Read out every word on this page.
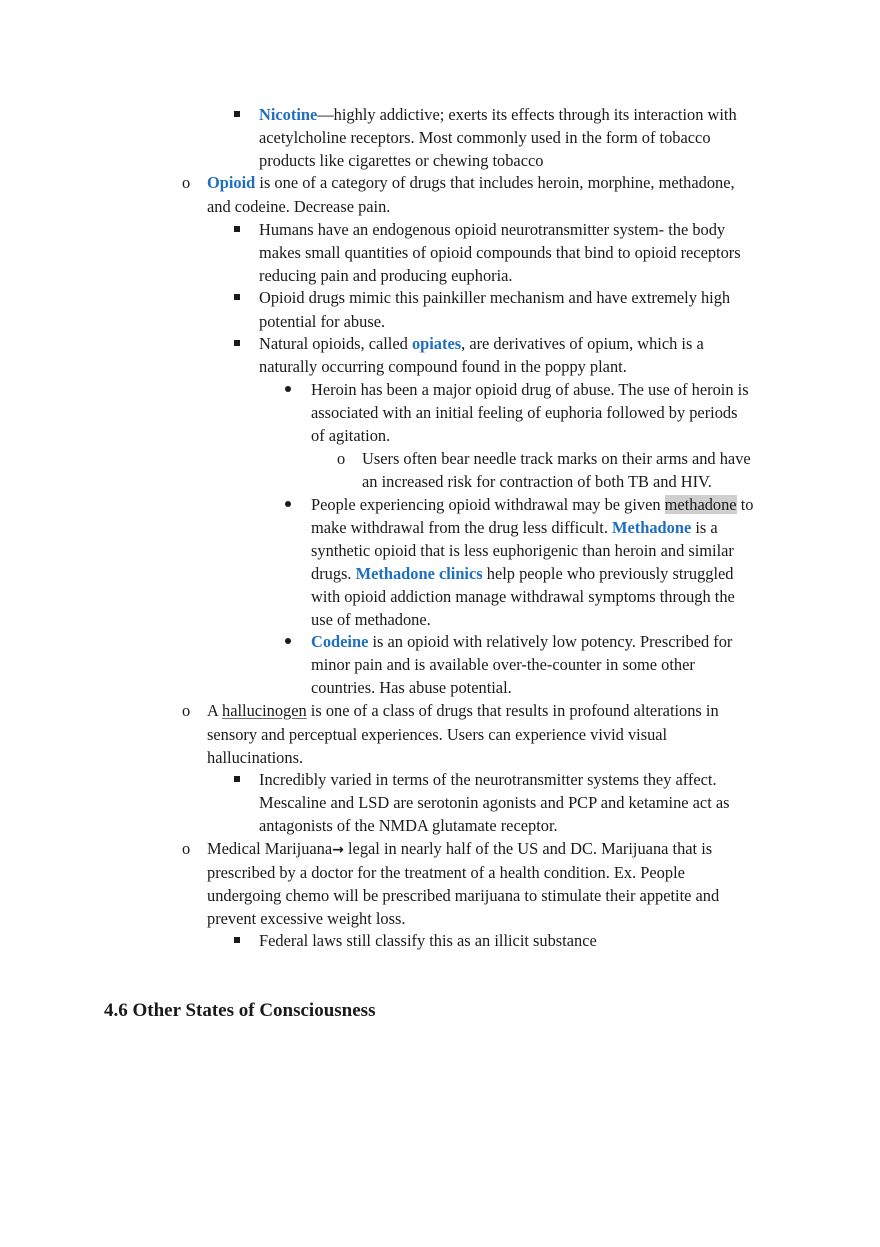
Nicotine—highly addictive; exerts its effects through its interaction with
acetylcholine receptors. Most commonly used in the form of tobacco
products like cigarettes or chewing tobacco
o Opioid is one of a category of drugs that includes heroin, morphine, methadone,
and codeine. Decrease pain.
Humans have an endogenous opioid neurotransmitter system- the body
makes small quantities of opioid compounds that bind to opioid receptors
reducing pain and producing euphoria.
Opioid drugs mimic this painkiller mechanism and have extremely high
potential for abuse.
Natural opioids, called opiates, are derivatives of opium, which is a
naturally occurring compound found in the poppy plant.
Heroin has been a major opioid drug of abuse. The use of heroin is
associated with an initial feeling of euphoria followed by periods
of agitation.
o Users often bear needle track marks on their arms and have
an increased risk for contraction of both TB and HIV.
People experiencing opioid withdrawal may be given methadone to
make withdrawal from the drug less difficult. Methadone is a
synthetic opioid that is less euphorigenic than heroin and similar
drugs. Methadone clinics help people who previously struggled
with opioid addiction manage withdrawal symptoms through the
use of methadone.
Codeine is an opioid with relatively low potency. Prescribed for
minor pain and is available over-the-counter in some other
countries. Has abuse potential.
o A hallucinogen is one of a class of drugs that results in profound alterations in
sensory and perceptual experiences. Users can experience vivid visual
hallucinations.
Incredibly varied in terms of the neurotransmitter systems they affect.
Mescaline and LSD are serotonin agonists and PCP and ketamine act as
antagonists of the NMDA glutamate receptor.
o Medical Marijuana→ legal in nearly half of the US and DC. Marijuana that is
prescribed by a doctor for the treatment of a health condition. Ex. People
undergoing chemo will be prescribed marijuana to stimulate their appetite and
prevent excessive weight loss.
Federal laws still classify this as an illicit substance
4.6 Other States of Consciousness
